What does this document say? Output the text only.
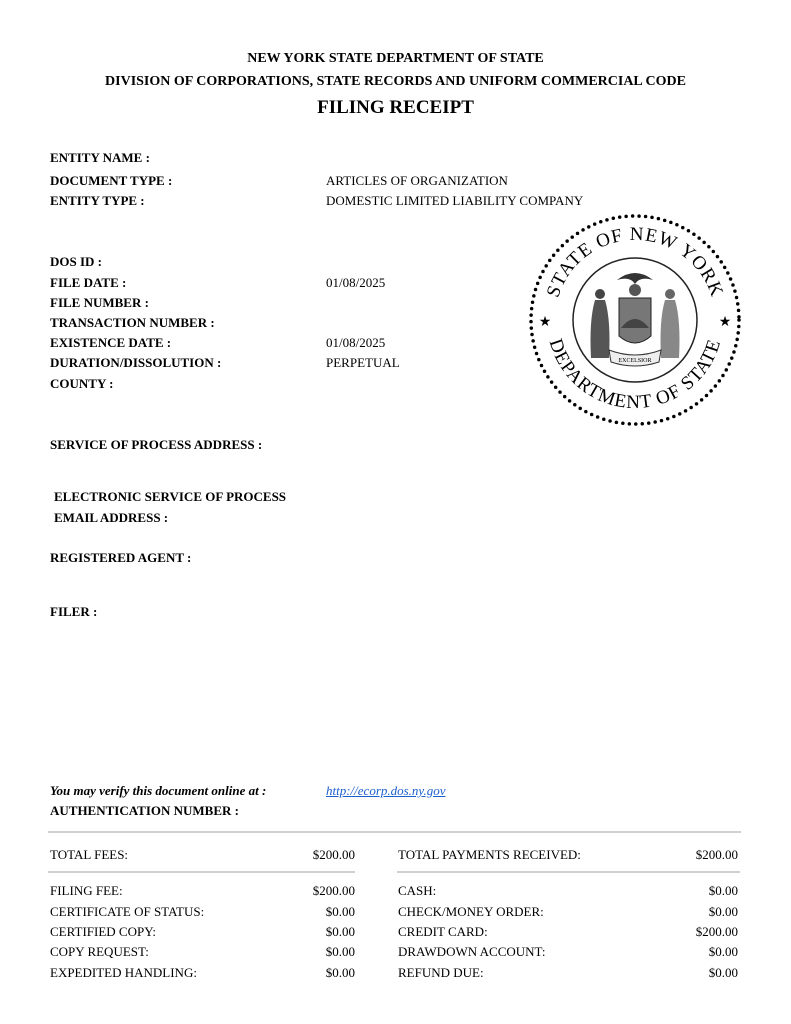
NEW YORK STATE DEPARTMENT OF STATE
DIVISION OF CORPORATIONS, STATE RECORDS AND UNIFORM COMMERCIAL CODE
FILING RECEIPT
ENTITY NAME :
DOCUMENT TYPE :	ARTICLES OF ORGANIZATION
ENTITY TYPE :	DOMESTIC LIMITED LIABILITY COMPANY
DOS ID :
FILE DATE :	01/08/2025
FILE NUMBER :
TRANSACTION NUMBER :
EXISTENCE DATE :	01/08/2025
DURATION/DISSOLUTION :	PERPETUAL
COUNTY :
STATE OF NEW YORK
DEPARTMENT OF STATE
★	★
EXCELSIOR
SERVICE OF PROCESS ADDRESS :
ELECTRONIC SERVICE OF PROCESS
EMAIL ADDRESS :
REGISTERED AGENT :
FILER :
You may verify this document online at :	http://ecorp.dos.ny.gov
AUTHENTICATION NUMBER :
TOTAL FEES:	$200.00	TOTAL PAYMENTS RECEIVED:	$200.00
FILING FEE:	$200.00
CERTIFICATE OF STATUS:	$0.00
CERTIFIED COPY:	$0.00
COPY REQUEST:	$0.00
EXPEDITED HANDLING:	$0.00
CASH:	$0.00
CHECK/MONEY ORDER:	$0.00
CREDIT CARD:	$200.00
DRAWDOWN ACCOUNT:	$0.00
REFUND DUE:	$0.00
